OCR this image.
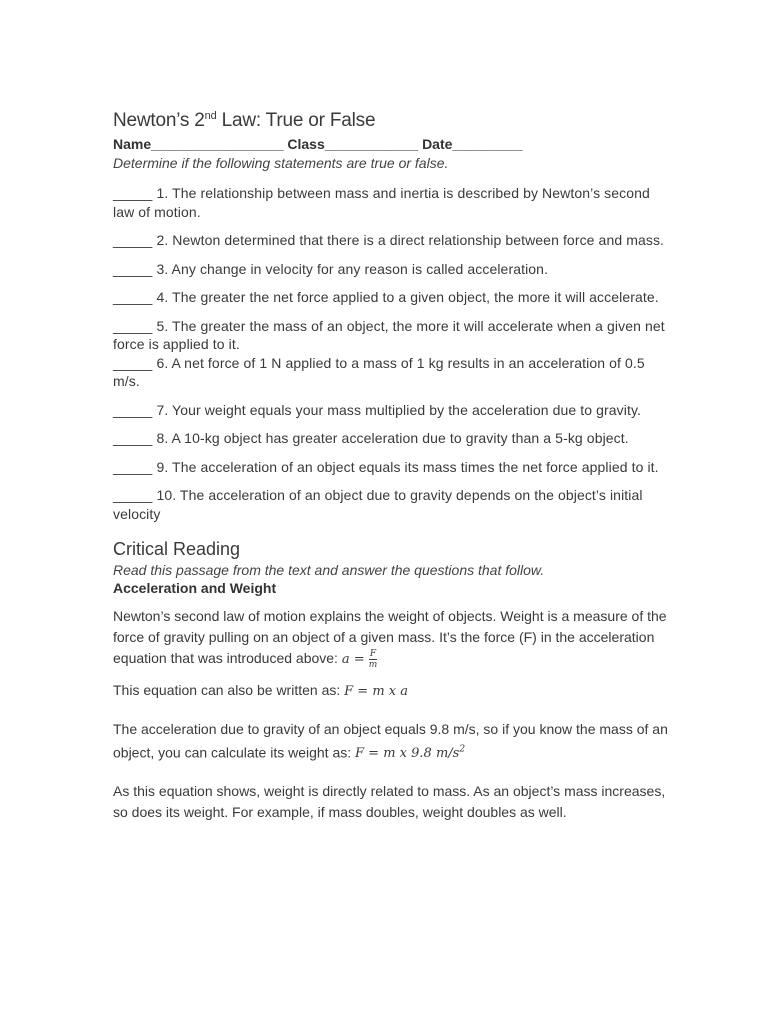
Newton’s 2nd Law: True or False
Name_________________ Class____________ Date_________
Determine if the following statements are true or false.
_____ 1. The relationship between mass and inertia is described by Newton’s second law of motion.
_____ 2. Newton determined that there is a direct relationship between force and mass.
_____ 3. Any change in velocity for any reason is called acceleration.
_____ 4. The greater the net force applied to a given object, the more it will accelerate.
_____ 5. The greater the mass of an object, the more it will accelerate when a given net force is applied to it.
_____ 6. A net force of 1 N applied to a mass of 1 kg results in an acceleration of 0.5 m/s.
_____ 7. Your weight equals your mass multiplied by the acceleration due to gravity.
_____ 8. A 10-kg object has greater acceleration due to gravity than a 5-kg object.
_____ 9. The acceleration of an object equals its mass times the net force applied to it.
_____ 10. The acceleration of an object due to gravity depends on the object’s initial velocity
Critical Reading
Read this passage from the text and answer the questions that follow.
Acceleration and Weight
Newton’s second law of motion explains the weight of objects. Weight is a measure of the force of gravity pulling on an object of a given mass. It’s the force (F) in the acceleration equation that was introduced above: $a = \frac{F}{m}$
This equation can also be written as: F = m x a
The acceleration due to gravity of an object equals 9.8 m/s, so if you know the mass of an object, you can calculate its weight as: F = m x 9.8 $m/s^2$
As this equation shows, weight is directly related to mass. As an object’s mass increases, so does its weight. For example, if mass doubles, weight doubles as well.
